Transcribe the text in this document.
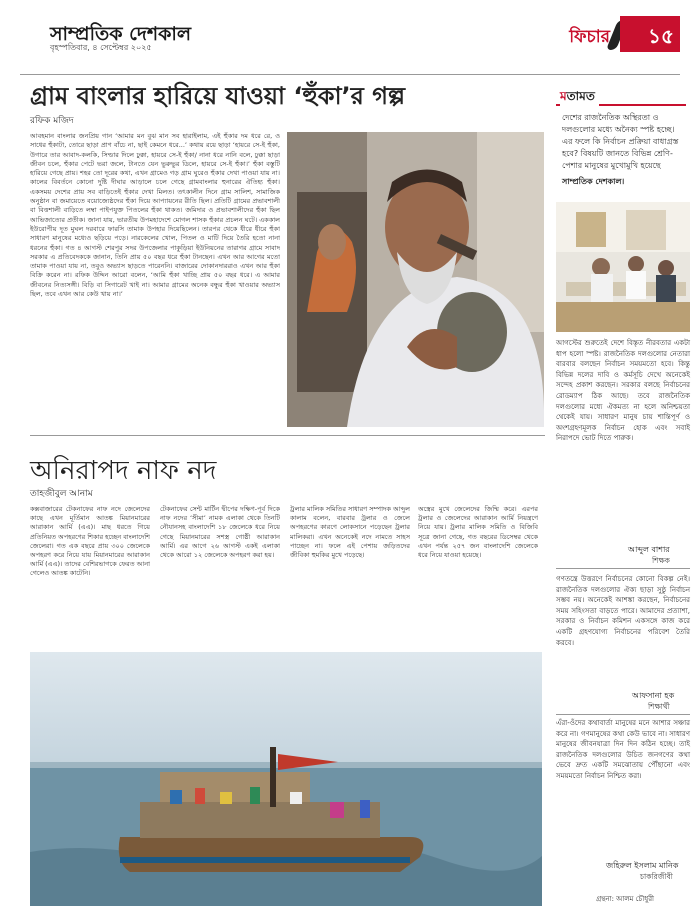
সাম্প্রতিক দেশকাল
বৃহস্পতিবার, ৪ সেপ্টেম্বর ২০২৫
ফিচার	১৫
গ্রাম বাংলার হারিয়ে যাওয়া ‘হুঁকা’র গল্প
রফিক মজিদ
আবহমান বাংলার জনপ্রিয় গান ‘আমার মন বুঝ মান সব হারাইলাম, এই হুঁকার দম ধরে রে, ও সাধের হুঁকাটা, তোরে ছাড়া প্রাণ বাঁচে না, ছাই কেমনে ধরে...’ কথায় রয়ে ছাড়া ‘হায়রে সে-ই হুঁকা, উগারে তার আবাদ-কলকি, সিল্ডার দিলে ঢুক্কা, হায়রে সে-ই হুঁকা/ নানা ধরে নানি বলে, ঢুক্কা ছাড়া জীবন চলে, হুঁকার পেটে ভরা জলে, টানতে যেন ভুরুভুর ডিলে, হায়রে সে-ই হুঁকা।’ হুঁকা বস্তুটি হারিয়ে গেছে প্রায়। শহর তো দূরের কথা, এখন গ্রামেও গড় গ্রাম ঘুরেও হুঁকার দেখা পাওয়া যায় না। কালের বিবর্তনে কোনো দুষ্টি দীঘার আড়ালে চলে গেছে গ্রামবাংলার হুনারের ঐতিহ্য হুঁকা। একসময় দেশের প্রায় সব বাড়িতেই হুঁকার দেখা মিলত। তৎকালীন দিনে গ্রাম সালিশ, সামাজিক অনুষ্ঠান বা জমায়েতে বয়োজ্যেষ্ঠদের হুঁকা দিয়ে আপ্যায়নের রীতি ছিল। প্রতিটি গ্রামের প্রভাবশালী বা বিত্তশালী বাড়িতে লম্বা পাইপযুক্ত পিতলের হুঁকা থাকত। জমিদার ও প্রভাবশালীদের হুঁকা ছিল আভিজাত্যের প্রতীক। জানা যায়, ভারতীয় উপমহাদেশে মোগল শাসক হুঁকার প্রচলন ঘটে। এককাল ইউরোপীয় দূত মুঘল দরবারে ফারসি তামাক উপহার দিয়েছিলেন। তারপর থেকে ধীরে ধীরে হুঁকা সাধারণ মানুষের মধ্যেও ছড়িয়ে পড়ে। নারকেলের খোল, পিতল ও মাটি দিয়ে তৈরি হতো নানা ধরনের হুঁকা। গত ৪ আগস্ট শেরপুর সদর উপজেলার পাকুড়িয়া ইউনিয়নের তারাগর গ্রামে সাবাদ সরকার এ প্রতিবেদককে জানান, তিনি প্রায় ৫০ বছর ধরে হুঁকা টানছেন। এখন আর আগের মতো তামাক পাওয়া যায় না, তবুও অভ্যাস ছাড়তে পারেননি। বাজারের দোকানদাররাও এখন আর হুঁকা বিক্রি করেন না। রফিক উদ্দিন আরো বলেন, ‘আমি হুঁকা খাচ্ছি প্রায় ৫০ বছর ধরে। এ আমার জীবনের নিত্যসঙ্গী। বিড়ি বা সিগারেট খাই না। আমার গ্রামের অনেক বন্ধুর হুঁকা খাওয়ার অভ্যাস ছিল, তবে এখন আর কেউ খায় না।’
মতামত
দেশের রাজনৈতিক অস্থিরতা ও দলগুলোর মধ্যে অনৈক্য স্পষ্ট হচ্ছে। এর ফলে কি নির্বাচন প্রক্রিয়া বাধাগ্রস্ত হবে? বিষয়টি জানতে বিভিন্ন শ্রেণি-পেশার মানুষের মুখোমুখি হয়েছে
সাম্প্রতিক দেশকাল।
আগস্টের শুরুতেই দেশে বিস্তৃত নীরবতার একটা ধাপ হলো স্পষ্ট। রাজনৈতিক দলগুলোর নেতারা বারবার বলছেন নির্বাচন সময়মতো হবে। কিন্তু বিভিন্ন দলের দাবি ও কর্মসূচি দেখে অনেকেই সন্দেহ প্রকাশ করছেন। সরকার বলছে নির্বাচনের রোডম্যাপ ঠিক আছে। তবে রাজনৈতিক দলগুলোর মধ্যে ঐকমত্য না হলে অনিশ্চয়তা থেকেই যায়। সাধারণ মানুষ চায় শান্তিপূর্ণ ও অংশগ্রহণমূলক নির্বাচন হোক এবং সবাই নিরাপদে ভোট দিতে পারুক।
আব্দুল বাশার
শিক্ষক
গণতন্ত্রে উত্তরণে নির্বাচনের কোনো বিকল্প নেই। রাজনৈতিক দলগুলোর ঐক্য ছাড়া সুষ্ঠু নির্বাচন সম্ভব নয়। অনেকেই আশঙ্কা করছেন, নির্বাচনের সময় সহিংসতা বাড়তে পারে। আমাদের প্রত্যাশা, সরকার ও নির্বাচন কমিশন একসঙ্গে কাজ করে একটি গ্রহণযোগ্য নির্বাচনের পরিবেশ তৈরি করবে।
আফসানা হক
শিক্ষার্থী
এঁরা-ওঁদের কথাবার্তা মানুষের মনে আশার সঞ্চার করে না। গণমানুষের কথা কেউ ভাবে না। সাধারণ মানুষের জীবনযাত্রা দিন দিন কঠিন হচ্ছে। তাই রাজনৈতিক দলগুলোর উচিত জনগণের কথা ভেবে দ্রুত একটি সমঝোতায় পৌঁছানো এবং সময়মতো নির্বাচন নিশ্চিত করা।
জহিরুল ইসলাম মানিক
চাকরিজীবী
গ্রন্থনা: আলম চৌধুরী
অনিরাপদ নাফ নদ
তাহজীবুল আনাম
কক্সবাজারের টেকনাফের নাফ নদে জেলেদের কাছে এখন মূর্তিমান আতঙ্ক মিয়ানমারের আরাকান আর্মি (এএ)। মাছ ধরতে গিয়ে প্রতিনিয়ত অপহরণের শিকার হচ্ছেন বাংলাদেশি জেলেরা। গত এক বছরে প্রায় ৩০০ জেলেকে অপহরণ করে নিয়ে যায় মিয়ানমারের আরাকান আর্মি (এএ)। তাদের বেশিরভাগকে ফেরত আনা গেলেও আতঙ্ক কাটেনি।
টেকনাফের সেন্ট মার্টিন দ্বীপের দক্ষিণ-পূর্ব দিকে নাফ নদের ‘সীমা’ নামক এলাকা থেকে তিনটি নৌযানসহ বাংলাদেশি ১৮ জেলেকে ধরে নিয়ে গেছে মিয়ানমারের সশস্ত্র গোষ্ঠী আরাকান আর্মি। এর আগে ২৬ আগস্ট একই এলাকা থেকে আরো ১২ জেলেকে অপহরণ করা হয়।
ট্রলার মালিক সমিতির সাধারণ সম্পাদক আব্দুল কালাম বলেন, বারবার ট্রলার ও জেলে অপহরণের কারণে লোকসানে পড়েছেন ট্রলার মালিকরা। এখন অনেকেই নদে নামতে সাহস পাচ্ছেন না। ফলে এই পেশায় জড়িতদের জীবিকা হুমকির মুখে পড়েছে।
অস্ত্রের মুখে জেলেদের জিম্মি করে। এরপর ট্রলার ও জেলেদের আরাকান আর্মি নিয়ন্ত্রণে নিয়ে যায়। ট্রলার মালিক সমিতি ও বিজিবি সূত্রে জানা গেছে, গত বছরের ডিসেম্বর থেকে এখন পর্যন্ত ২৫৭ জন বাংলাদেশি জেলেকে ধরে নিয়ে যাওয়া হয়েছে।
